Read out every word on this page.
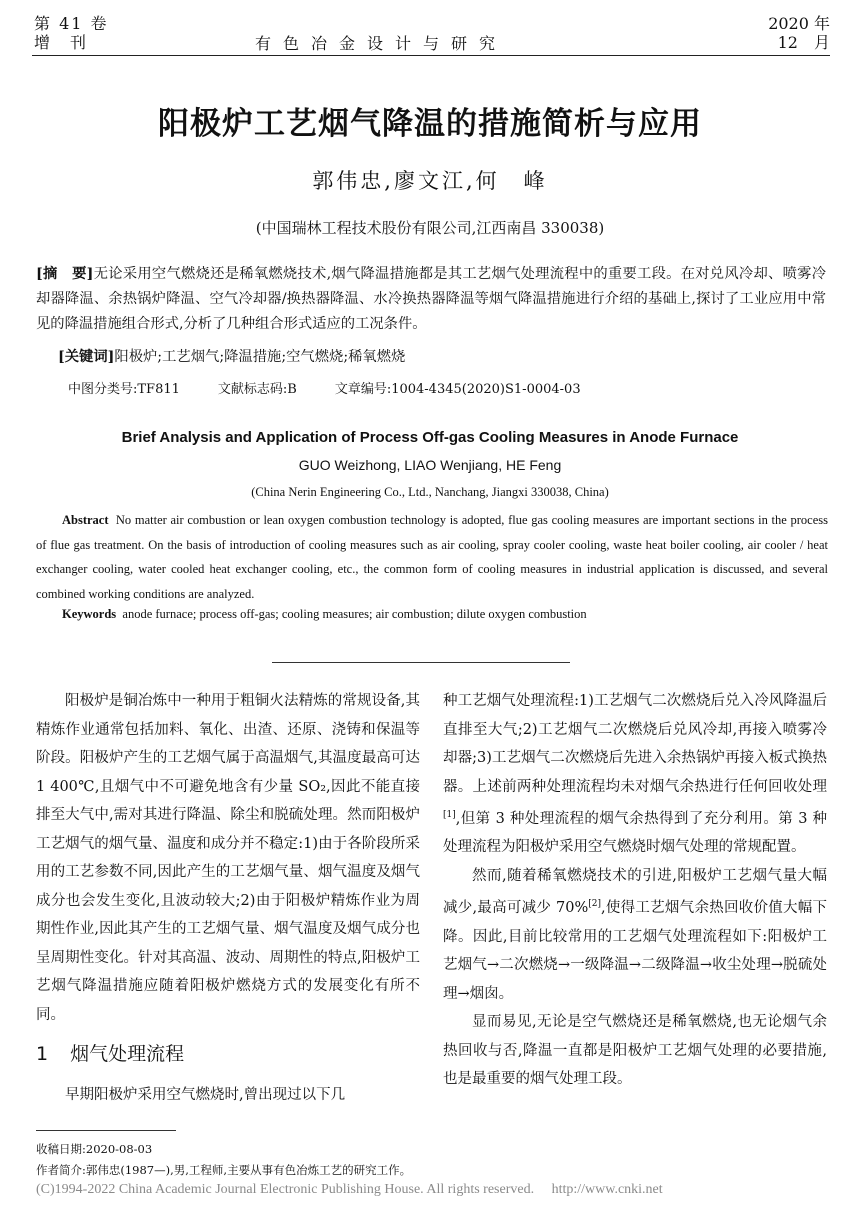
第 41 卷
增　刊	有色冶金设计与研究
2020 年
12　月
阳极炉工艺烟气降温的措施简析与应用
郭伟忠,廖文江,何　峰
(中国瑞林工程技术股份有限公司,江西南昌 330038)
[摘　要]无论采用空气燃烧还是稀氧燃烧技术,烟气降温措施都是其工艺烟气处理流程中的重要工段。在对兑风冷却、喷雾冷却器降温、余热锅炉降温、空气冷却器/换热器降温、水冷换热器降温等烟气降温措施进行介绍的基础上,探讨了工业应用中常见的降温措施组合形式,分析了几种组合形式适应的工况条件。
[关键词]阳极炉;工艺烟气;降温措施;空气燃烧;稀氧燃烧
中图分类号:TF811	文献标志码:B	文章编号:1004-4345(2020)S1-0004-03
Brief Analysis and Application of Process Off-gas Cooling Measures in Anode Furnace
GUO Weizhong, LIAO Wenjiang, HE Feng
(China Nerin Engineering Co., Ltd., Nanchang, Jiangxi 330038, China)
Abstract No matter air combustion or lean oxygen combustion technology is adopted, flue gas cooling measures are important sections in the process of flue gas treatment. On the basis of introduction of cooling measures such as air cooling, spray cooler cooling, waste heat boiler cooling, air cooler / heat exchanger cooling, water cooled heat exchanger cooling, etc., the common form of cooling measures in industrial application is discussed, and several combined working conditions are analyzed.
Keywords anode furnace; process off-gas; cooling measures; air combustion; dilute oxygen combustion

阳极炉是铜冶炼中一种用于粗铜火法精炼的常规设备,其精炼作业通常包括加料、氧化、出渣、还原、浇铸和保温等阶段。阳极炉产生的工艺烟气属于高温烟气,其温度最高可达 1 400℃,且烟气中不可避免地含有少量 SO₂,因此不能直接排至大气中,需对其进行降温、除尘和脱硫处理。然而阳极炉工艺烟气的烟气量、温度和成分并不稳定:1)由于各阶段所采用的工艺参数不同,因此产生的工艺烟气量、烟气温度及烟气成分也会发生变化,且波动较大;2)由于阳极炉精炼作业为周期性作业,因此其产生的工艺烟气量、烟气温度及烟气成分也呈周期性变化。针对其高温、波动、周期性的特点,阳极炉工艺烟气降温措施应随着阳极炉燃烧方式的发展变化有所不同。

1 烟气处理流程

早期阳极炉采用空气燃烧时,曾出现过以下几

种工艺烟气处理流程:1)工艺烟气二次燃烧后兑入冷风降温后直排至大气;2)工艺烟气二次燃烧后兑风冷却,再接入喷雾冷却器;3)工艺烟气二次燃烧后先进入余热锅炉再接入板式换热器。上述前两种处理流程均未对烟气余热进行任何回收处理[1],但第 3 种处理流程的烟气余热得到了充分利用。第 3 种处理流程为阳极炉采用空气燃烧时烟气处理的常规配置。

然而,随着稀氧燃烧技术的引进,阳极炉工艺烟气量大幅减少,最高可减少 70%[2],使得工艺烟气余热回收价值大幅下降。因此,目前比较常用的工艺烟气处理流程如下:阳极炉工艺烟气→二次燃烧→一级降温→二级降温→收尘处理→脱硫处理→烟囱。

显而易见,无论是空气燃烧还是稀氧燃烧,也无论烟气余热回收与否,降温一直都是阳极炉工艺烟气处理的必要措施,也是最重要的烟气处理工段。

收稿日期:2020-08-03
作者简介:郭伟忠(1987—),男,工程师,主要从事有色冶炼工艺的研究工作。
(C)1994-2022 China Academic Journal Electronic Publishing House. All rights reserved.　 http://www.cnki.net
